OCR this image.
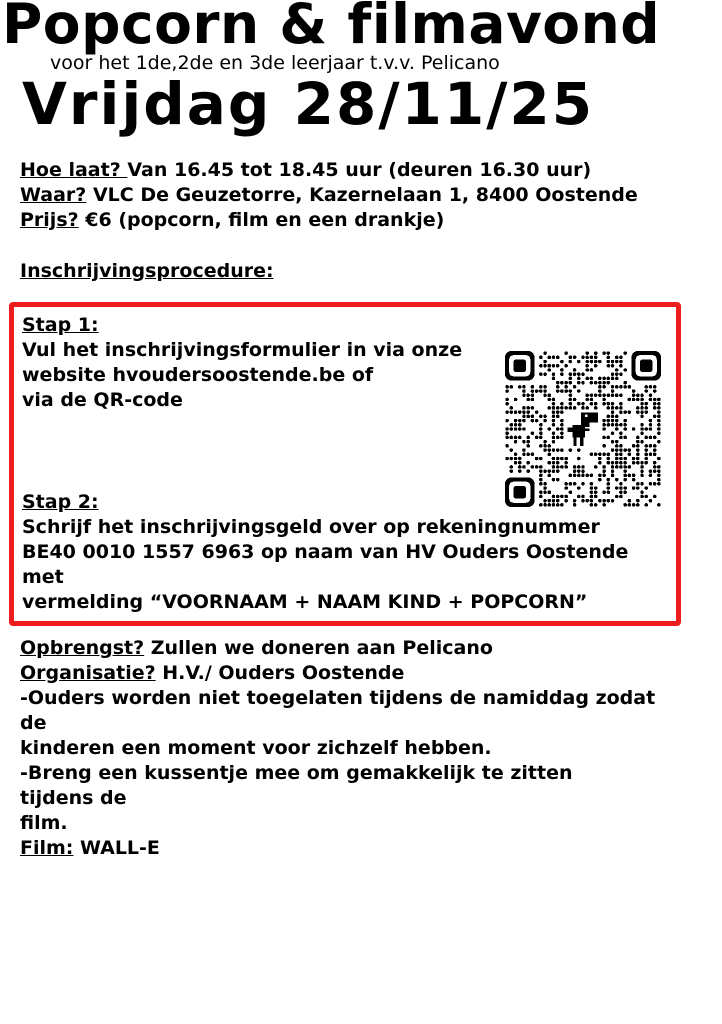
Popcorn & filmavond
voor het 1de,2de en 3de leerjaar t.v.v. Pelicano
Vrijdag 28/11/25
Hoe laat? Van 16.45 tot 18.45 uur (deuren 16.30 uur)
Waar? VLC De Geuzetorre, Kazernelaan 1, 8400 Oostende
Prijs? €6 (popcorn, film en een drankje)
Inschrijvingsprocedure:
Stap 1:
Vul het inschrijvingsformulier in via onze
website hvoudersoostende.be of
via de QR-code
Stap 2:
Schrijf het inschrijvingsgeld over op rekeningnummer
BE40 0010 1557 6963 op naam van HV Ouders Oostende
met
vermelding “VOORNAAM + NAAM KIND + POPCORN”
Opbrengst? Zullen we doneren aan Pelicano
Organisatie? H.V./ Ouders Oostende
-Ouders worden niet toegelaten tijdens de namiddag zodat
de
kinderen een moment voor zichzelf hebben.
-Breng een kussentje mee om gemakkelijk te zitten
tijdens de
film.
Film: WALL-E
